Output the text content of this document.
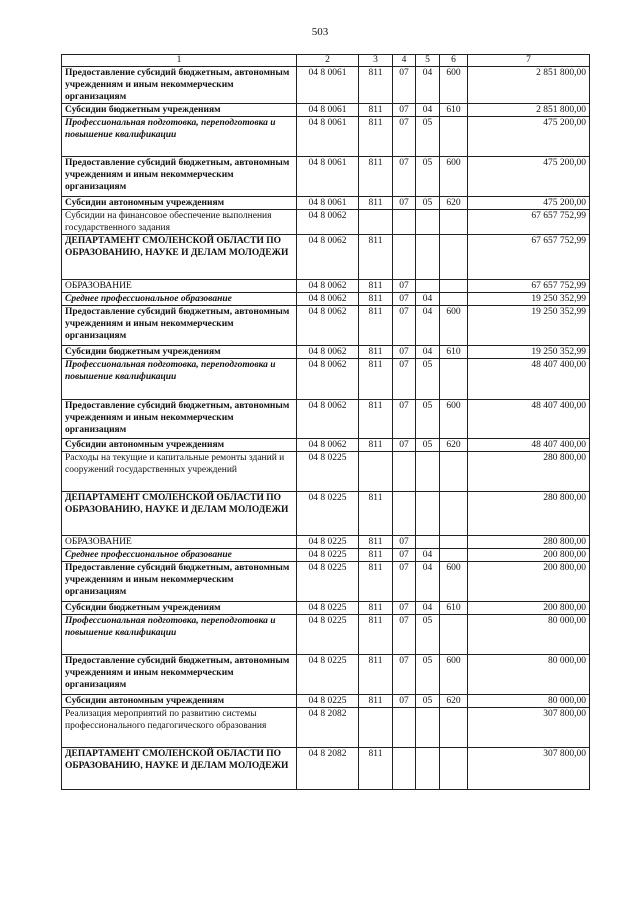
503
1	2	3	4	5	6	7
Предоставление субсидий бюджетным, автономным учреждениям и иным некоммерческим организациям	04 8 0061	811	07	04	600	2 851 800,00
Субсидии бюджетным учреждениям	04 8 0061	811	07	04	610	2 851 800,00
Профессиональная подготовка, переподготовка и повышение квалификации	04 8 0061	811	07	05		475 200,00
Предоставление субсидий бюджетным, автономным учреждениям и иным некоммерческим организациям	04 8 0061	811	07	05	600	475 200,00
Субсидии автономным учреждениям	04 8 0061	811	07	05	620	475 200,00
Субсидии на финансовое обеспечение выполнения государственного задания	04 8 0062					67 657 752,99
ДЕПАРТАМЕНТ СМОЛЕНСКОЙ ОБЛАСТИ ПО ОБРАЗОВАНИЮ, НАУКЕ И ДЕЛАМ МОЛОДЕЖИ	04 8 0062	811				67 657 752,99
ОБРАЗОВАНИЕ	04 8 0062	811	07			67 657 752,99
Среднее профессиональное образование	04 8 0062	811	07	04		19 250 352,99
Предоставление субсидий бюджетным, автономным учреждениям и иным некоммерческим организациям	04 8 0062	811	07	04	600	19 250 352,99
Субсидии бюджетным учреждениям	04 8 0062	811	07	04	610	19 250 352,99
Профессиональная подготовка, переподготовка и повышение квалификации	04 8 0062	811	07	05		48 407 400,00
Предоставление субсидий бюджетным, автономным учреждениям и иным некоммерческим организациям	04 8 0062	811	07	05	600	48 407 400,00
Субсидии автономным учреждениям	04 8 0062	811	07	05	620	48 407 400,00
Расходы на текущие и капитальные ремонты зданий и сооружений государственных учреждений	04 8 0225					280 800,00
ДЕПАРТАМЕНТ СМОЛЕНСКОЙ ОБЛАСТИ ПО ОБРАЗОВАНИЮ, НАУКЕ И ДЕЛАМ МОЛОДЕЖИ	04 8 0225	811				280 800,00
ОБРАЗОВАНИЕ	04 8 0225	811	07			280 800,00
Среднее профессиональное образование	04 8 0225	811	07	04		200 800,00
Предоставление субсидий бюджетным, автономным учреждениям и иным некоммерческим организациям	04 8 0225	811	07	04	600	200 800,00
Субсидии бюджетным учреждениям	04 8 0225	811	07	04	610	200 800,00
Профессиональная подготовка, переподготовка и повышение квалификации	04 8 0225	811	07	05		80 000,00
Предоставление субсидий бюджетным, автономным учреждениям и иным некоммерческим организациям	04 8 0225	811	07	05	600	80 000,00
Субсидии автономным учреждениям	04 8 0225	811	07	05	620	80 000,00
Реализация мероприятий по развитию системы профессионального педагогического образования	04 8 2082					307 800,00
ДЕПАРТАМЕНТ СМОЛЕНСКОЙ ОБЛАСТИ ПО ОБРАЗОВАНИЮ, НАУКЕ И ДЕЛАМ МОЛОДЕЖИ	04 8 2082	811				307 800,00
